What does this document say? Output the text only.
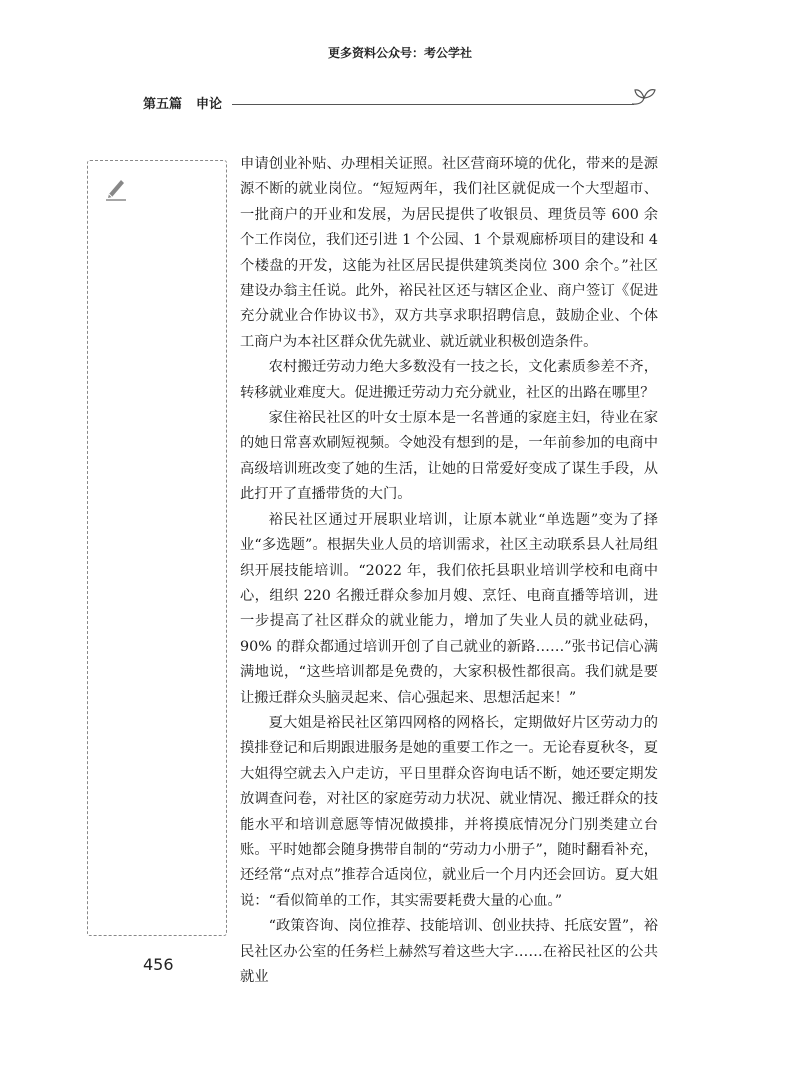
更多资料公众号：考公学社
第五篇 申论

申请创业补贴、办理相关证照。社区营商环境的优化，带来的是源源不断的就业岗位。“短短两年，我们社区就促成一个大型超市、一批商户的开业和发展，为居民提供了收银员、理货员等 600 余个工作岗位，我们还引进 1 个公园、1 个景观廊桥项目的建设和 4 个楼盘的开发，这能为社区居民提供建筑类岗位 300 余个。”社区建设办翁主任说。此外，裕民社区还与辖区企业、商户签订《促进充分就业合作协议书》，双方共享求职招聘信息，鼓励企业、个体工商户为本社区群众优先就业、就近就业积极创造条件。

农村搬迁劳动力绝大多数没有一技之长，文化素质参差不齐，转移就业难度大。促进搬迁劳动力充分就业，社区的出路在哪里？

家住裕民社区的叶女士原本是一名普通的家庭主妇，待业在家的她日常喜欢刷短视频。令她没有想到的是，一年前参加的电商中高级培训班改变了她的生活，让她的日常爱好变成了谋生手段，从此打开了直播带货的大门。

裕民社区通过开展职业培训，让原本就业“单选题”变为了择业“多选题”。根据失业人员的培训需求，社区主动联系县人社局组织开展技能培训。“2022 年，我们依托县职业培训学校和电商中心，组织 220 名搬迁群众参加月嫂、烹饪、电商直播等培训，进一步提高了社区群众的就业能力，增加了失业人员的就业砝码，90% 的群众都通过培训开创了自己就业的新路……”张书记信心满满地说，“这些培训都是免费的，大家积极性都很高。我们就是要让搬迁群众头脑灵起来、信心强起来、思想活起来！”

夏大姐是裕民社区第四网格的网格长，定期做好片区劳动力的摸排登记和后期跟进服务是她的重要工作之一。无论春夏秋冬，夏大姐得空就去入户走访，平日里群众咨询电话不断，她还要定期发放调查问卷，对社区的家庭劳动力状况、就业情况、搬迁群众的技能水平和培训意愿等情况做摸排，并将摸底情况分门别类建立台账。平时她都会随身携带自制的“劳动力小册子”，随时翻看补充，还经常“点对点”推荐合适岗位，就业后一个月内还会回访。夏大姐说：“看似简单的工作，其实需要耗费大量的心血。”

“政策咨询、岗位推荐、技能培训、创业扶持、托底安置”，裕民社区办公室的任务栏上赫然写着这些大字……在裕民社区的公共就业

456
